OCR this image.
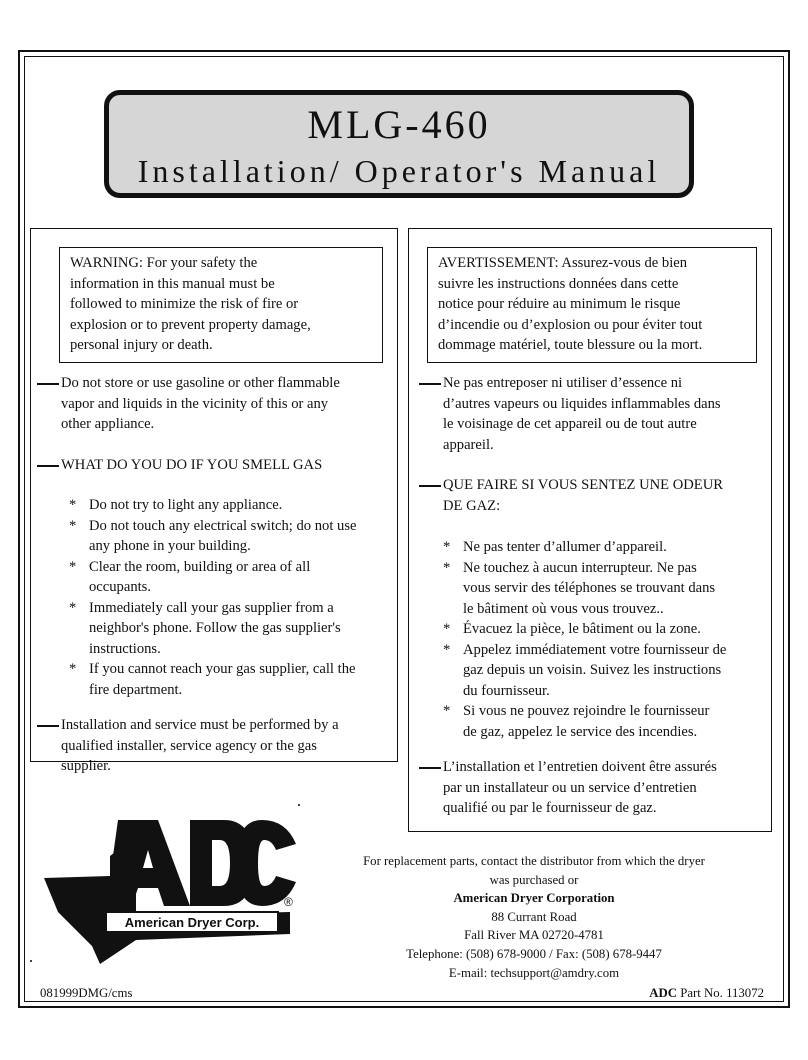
MLG-460
Installation/ Operator's Manual

WARNING: For your safety the

information in this manual must be

followed to minimize the risk of fire or

explosion or to prevent property damage,

personal injury or death.

Do not store or use gasoline or other flammable
vapor and liquids in the vicinity of this or any
other appliance.
WHAT DO YOU DO IF YOU SMELL GAS
* Do not try to light any appliance.
* Do not touch any electrical switch; do not use
any phone in your building.
* Clear the room, building or area of all
occupants.
* Immediately call your gas supplier from a
neighbor's phone. Follow the gas supplier's
instructions.
* If you cannot reach your gas supplier, call the
fire department.
Installation and service must be performed by a
qualified installer, service agency or the gas
supplier.

AVERTISSEMENT: Assurez-vous de bien

suivre les instructions données dans cette

notice pour réduire au minimum le risque

d’incendie ou d’explosion ou pour éviter tout

dommage matériel, toute blessure ou la mort.

Ne pas entreposer ni utiliser d’essence ni
d’autres vapeurs ou liquides inflammables dans
le voisinage de cet appareil ou de tout autre
appareil.
QUE FAIRE SI VOUS SENTEZ UNE ODEUR
DE GAZ:
* Ne pas tenter d’allumer d’appareil.
* Ne touchez à aucun interrupteur. Ne pas
vous servir des téléphones se trouvant dans
le bâtiment où vous vous trouvez..
* Évacuez la pièce, le bâtiment ou la zone.
* Appelez immédiatement votre fournisseur de
gaz depuis un voisin. Suivez les instructions
du fournisseur.
* Si vous ne pouvez rejoindre le fournisseur
de gaz, appelez le service des incendies.
L’installation et l’entretien doivent être assurés
par un installateur ou un service d’entretien
qualifié ou par le fournisseur de gaz.
American Dryer Corp.
®
For replacement parts, contact the distributor from which the dryer
was purchased or
American Dryer Corporation
88 Currant Road
Fall River MA 02720-4781
Telephone: (508) 678-9000 / Fax: (508) 678-9447
E-mail: techsupport@amdry.com
081999DMG/cms	ADC Part No. 113072
